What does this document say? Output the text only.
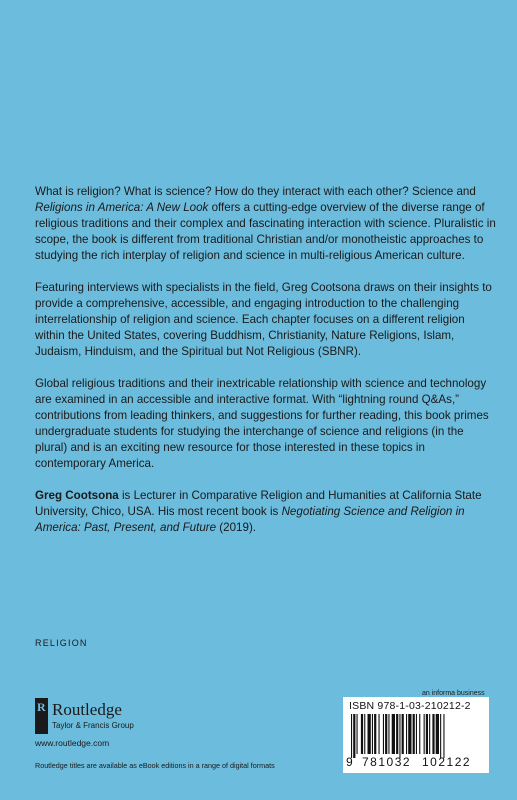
What is religion? What is science? How do they interact with each other? Science and Religions in America: A New Look offers a cutting-edge overview of the diverse range of religious traditions and their complex and fascinating interaction with science. Pluralistic in scope, the book is different from traditional Christian and/or monotheistic approaches to studying the rich interplay of religion and science in multi-religious American culture.

Featuring interviews with specialists in the field, Greg Cootsona draws on their insights to provide a comprehensive, accessible, and engaging introduction to the challenging interrelationship of religion and science. Each chapter focuses on a different religion within the United States, covering Buddhism, Christianity, Nature Religions, Islam, Judaism, Hinduism, and the Spiritual but Not Religious (SBNR).

Global religious traditions and their inextricable relationship with science and technology are examined in an accessible and interactive format. With “lightning round Q&As,” contributions from leading thinkers, and suggestions for further reading, this book primes undergraduate students for studying the interchange of science and religions (in the plural) and is an exciting new resource for those interested in these topics in contemporary America.

Greg Cootsona is Lecturer in Comparative Religion and Humanities at California State University, Chico, USA. His most recent book is Negotiating Science and Religion in America: Past, Present, and Future (2019).

RELIGION
R Routledge
Taylor & Francis Group
www.routledge.com
Routledge titles are available as eBook editions in a range of digital formats
an informa business
ISBN 978-1-03-210212-2
9 781032 102122
